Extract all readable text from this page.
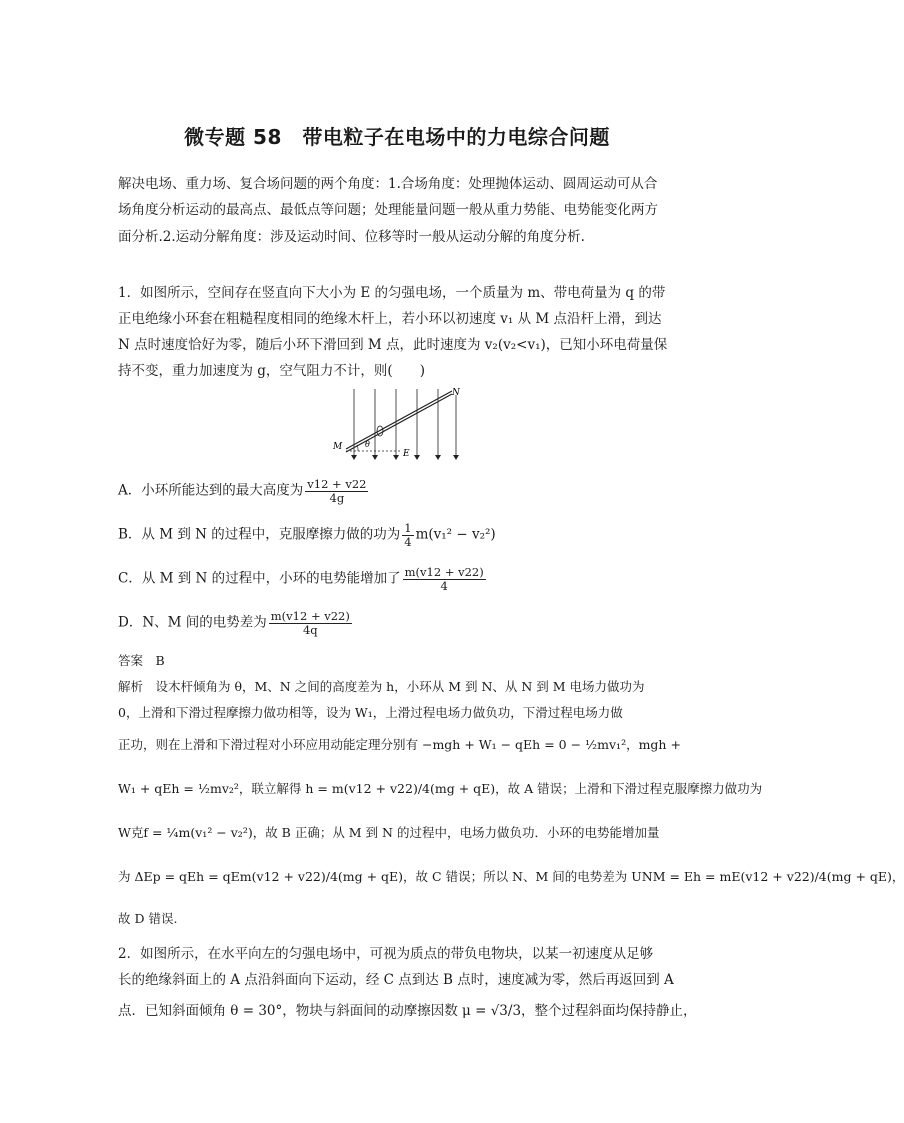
微专题 58　带电粒子在电场中的力电综合问题
解决电场、重力场、复合场问题的两个角度：1.合场角度：处理抛体运动、圆周运动可从合
场角度分析运动的最高点、最低点等问题；处理能量问题一般从重力势能、电势能变化两方
面分析.2.运动分解角度：涉及运动时间、位移等时一般从运动分解的角度分析.
1．如图所示，空间存在竖直向下大小为 E 的匀强电场，一个质量为 m、带电荷量为 q 的带
正电绝缘小环套在粗糙程度相同的绝缘木杆上，若小环以初速度 v₁ 从 M 点沿杆上滑，到达
N 点时速度恰好为零，随后小环下滑回到 M 点，此时速度为 v₂(v₂<v₁)，已知小环电荷量保
持不变，重力加速度为 g，空气阻力不计，则(　　)
M
N
E
θ
A．小环所能达到的最大高度为 $\frac{v12 + v22}{4g}$
B．从 M 到 N 的过程中，克服摩擦力做的功为 $\frac{1}{4} m(v_1^2 - v_2^2)$
C．从 M 到 N 的过程中，小环的电势能增加了 $\frac{m(v12 + v22)}{4}$
D．N、M 间的电势差为 $\frac{m(v12 + v22)}{4q}$
答案　B
解析　设木杆倾角为 θ，M、N 之间的高度差为 h，小环从 M 到 N、从 N 到 M 电场力做功为
0，上滑和下滑过程摩擦力做功相等，设为 W₁，上滑过程电场力做负功，下滑过程电场力做
正功，则在上滑和下滑过程对小环应用动能定理分别有 −mgh + W₁ − qEh = 0 − ½mv₁²，mgh +
W₁ + qEh = ½mv₂²，联立解得 h = m(v12 + v22)/4(mg + qE)，故 A 错误；上滑和下滑过程克服摩擦力做功为
W克f = ¼m(v₁² − v₂²)，故 B 正确；从 M 到 N 的过程中，电场力做负功．小环的电势能增加量
为 ΔEp = qEh = qEm(v12 + v22)/4(mg + qE)，故 C 错误；所以 N、M 间的电势差为 UNM = Eh = mE(v12 + v22)/4(mg + qE)，
故 D 错误.
2．如图所示，在水平向左的匀强电场中，可视为质点的带负电物块，以某一初速度从足够
长的绝缘斜面上的 A 点沿斜面向下运动，经 C 点到达 B 点时，速度减为零，然后再返回到 A
点．已知斜面倾角 θ = 30°，物块与斜面间的动摩擦因数 μ = √3/3，整个过程斜面均保持静止，
